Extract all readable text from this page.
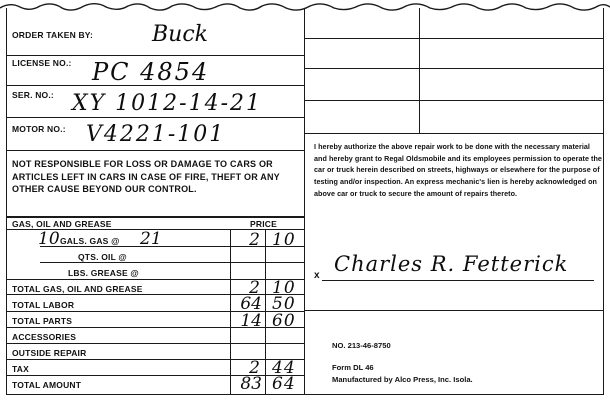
ORDER TAKEN BY:	Buck
LICENSE NO.: PC 4854
SER. NO.: XY 1012-14-21
MOTOR NO.: V4221-101
NOT RESPONSIBLE FOR LOSS OR DAMAGE TO CARS OR ARTICLES LEFT IN CARS IN CASE OF FIRE, THEFT OR ANY OTHER CAUSE BEYOND OUR CONTROL.
GAS, OIL AND GREASE	PRICE
10 GALS. GAS @ 21	2 10
QTS. OIL @
LBS. GREASE @
TOTAL GAS, OIL AND GREASE	2 10
TOTAL LABOR	64 50
TOTAL PARTS	14 60
ACCESSORIES
OUTSIDE REPAIR
TAX	2 44
TOTAL AMOUNT	83 64
I hereby authorize the above repair work to be done with the necessary material and hereby grant to Regal Oldsmobile and its employees permission to operate the car or truck herein described on streets, highways or elsewhere for the purpose of testing and/or inspection. An express mechanic's lien is hereby acknowledged on above car or truck to secure the amount of repairs thereto.
x Charles R. Fetterick
NO. 213-46-8750
Form DL 46
Manufactured by Alco Press, Inc. Isola.
